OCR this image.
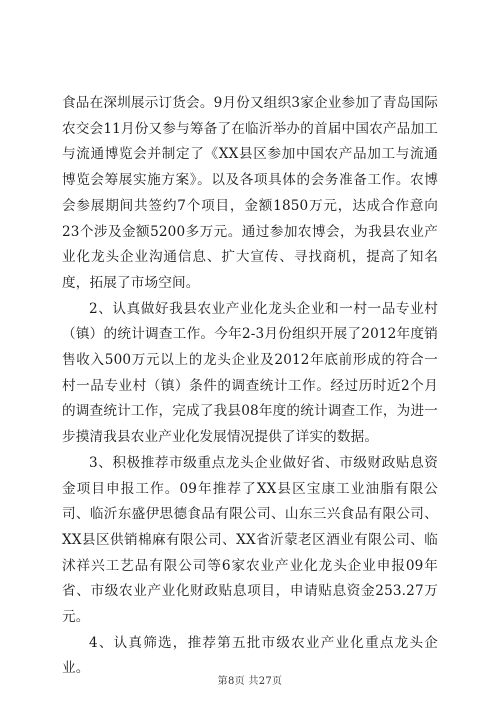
食品在深圳展示订货会。9月份又组织3家企业参加了青岛国际农交会11月份又参与筹备了在临沂举办的首届中国农产品加工与流通博览会并制定了《XX县区参加中国农产品加工与流通博览会筹展实施方案》。以及各项具体的会务准备工作。农博会参展期间共签约7个项目，金额1850万元，达成合作意向23个涉及金额5200多万元。通过参加农博会，为我县农业产业化龙头企业沟通信息、扩大宣传、寻找商机，提高了知名度，拓展了市场空间。

2、认真做好我县农业产业化龙头企业和一村一品专业村（镇）的统计调查工作。今年2-3月份组织开展了2012年度销售收入500万元以上的龙头企业及2012年底前形成的符合一村一品专业村（镇）条件的调查统计工作。经过历时近2个月的调查统计工作，完成了我县08年度的统计调查工作，为进一步摸清我县农业产业化发展情况提供了详实的数据。

3、积极推荐市级重点龙头企业做好省、市级财政贴息资金项目申报工作。09年推荐了XX县区宝康工业油脂有限公司、临沂东盛伊思德食品有限公司、山东三兴食品有限公司、XX县区供销棉麻有限公司、XX省沂蒙老区酒业有限公司、临沭祥兴工艺品有限公司等6家农业产业化龙头企业申报09年省、市级农业产业化财政贴息项目，申请贴息资金253.27万元。

4、认真筛选，推荐第五批市级农业产业化重点龙头企业。

第8页 共27页
